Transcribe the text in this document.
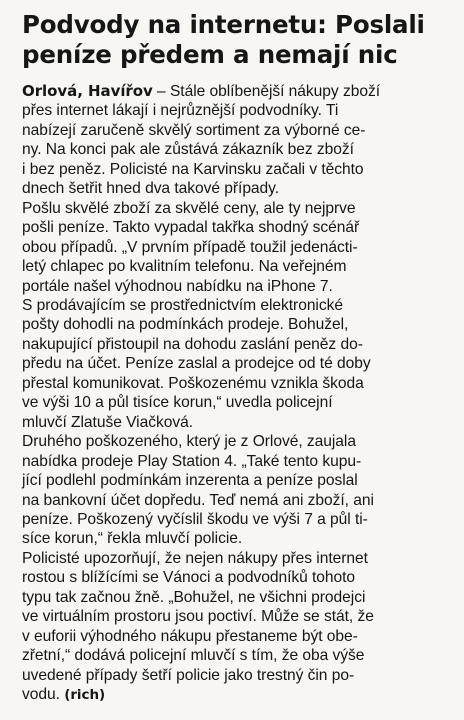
Podvody na internetu: Poslali
peníze předem a nemají nic
Orlová, Havířov – Stále oblíbenější nákupy zboží
přes internet lákají i nejrůznější podvodníky. Ti
nabízejí zaručeně skvělý sortiment za výborné ce-
ny. Na konci pak ale zůstává zákazník bez zboží
i bez peněz. Policisté na Karvinsku začali v těchto
dnech šetřit hned dva takové případy.
Pošlu skvělé zboží za skvělé ceny, ale ty nejprve
pošli peníze. Takto vypadal takřka shodný scénář
obou případů. „V prvním případě toužil jedenácti-
letý chlapec po kvalitním telefonu. Na veřejném
portále našel výhodnou nabídku na iPhone 7.
S prodávajícím se prostřednictvím elektronické
pošty dohodli na podmínkách prodeje. Bohužel,
nakupující přistoupil na dohodu zaslání peněz do-
předu na účet. Peníze zaslal a prodejce od té doby
přestal komunikovat. Poškozenému vznikla škoda
ve výši 10 a půl tisíce korun,“ uvedla policejní
mluvčí Zlatuše Viačková.
Druhého poškozeného, který je z Orlové, zaujala
nabídka prodeje Play Station 4. „Také tento kupu-
jící podlehl podmínkám inzerenta a peníze poslal
na bankovní účet dopředu. Teď nemá ani zboží, ani
peníze. Poškozený vyčíslil škodu ve výši 7 a půl ti-
síce korun,“ řekla mluvčí policie.
Policisté upozorňují, že nejen nákupy přes internet
rostou s blížícími se Vánoci a podvodníků tohoto
typu tak začnou žně. „Bohužel, ne všichni prodejci
ve virtuálním prostoru jsou poctiví. Může se stát, že
v euforii výhodného nákupu přestaneme být obe-
zřetní,“ dodává policejní mluvčí s tím, že oba výše
uvedené případy šetří policie jako trestný čin po-
vodu. (rich)
